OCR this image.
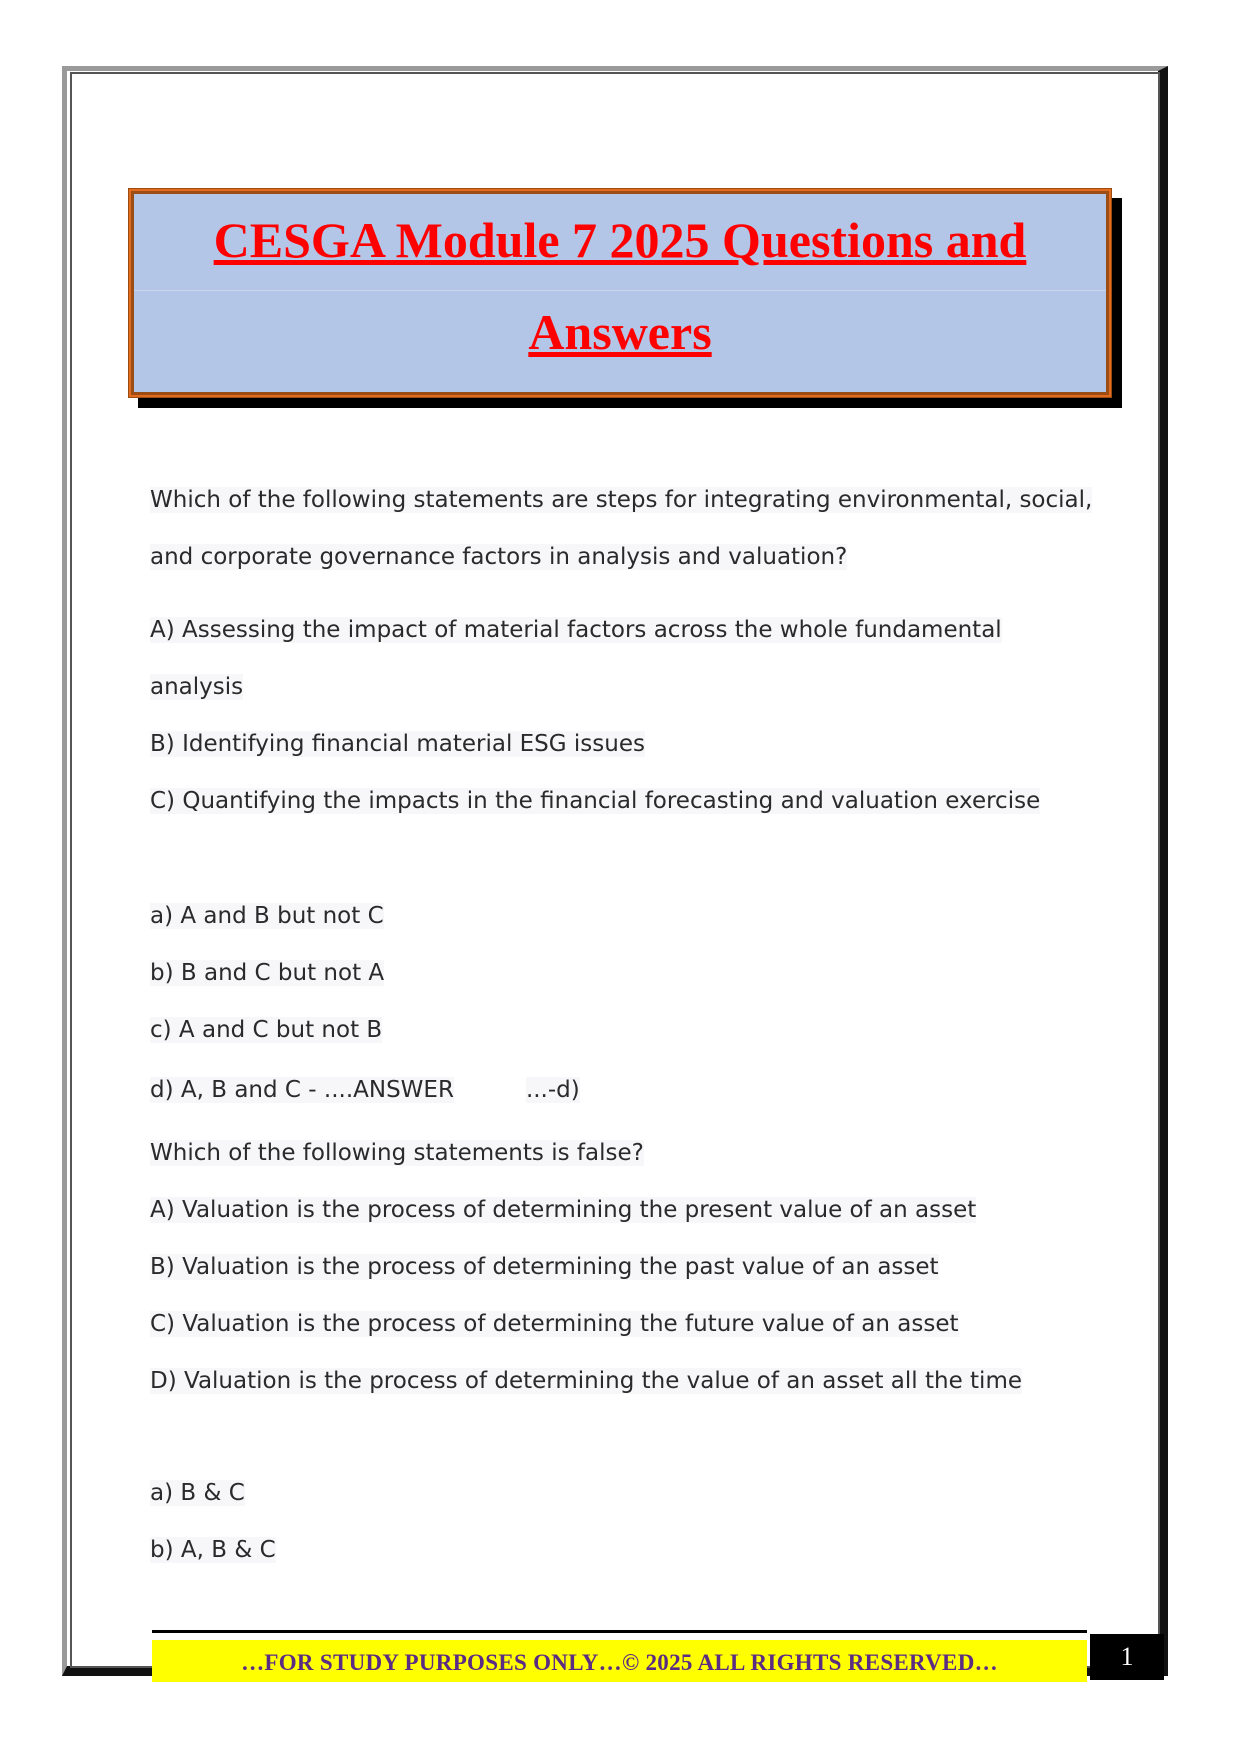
CESGA Module 7 2025 Questions and
Answers
Which of the following statements are steps for integrating environmental, social,
and corporate governance factors in analysis and valuation?
A) Assessing the impact of material factors across the whole fundamental
analysis
B) Identifying financial material ESG issues
C) Quantifying the impacts in the financial forecasting and valuation exercise
a) A and B but not C
b) B and C but not A
c) A and C but not B
d) A, B and C - ....ANSWER	...-d)
Which of the following statements is false?
A) Valuation is the process of determining the present value of an asset
B) Valuation is the process of determining the past value of an asset
C) Valuation is the process of determining the future value of an asset
D) Valuation is the process of determining the value of an asset all the time
a) B & C
b) A, B & C
…FOR STUDY PURPOSES ONLY…© 2025 ALL RIGHTS RESERVED…	1
